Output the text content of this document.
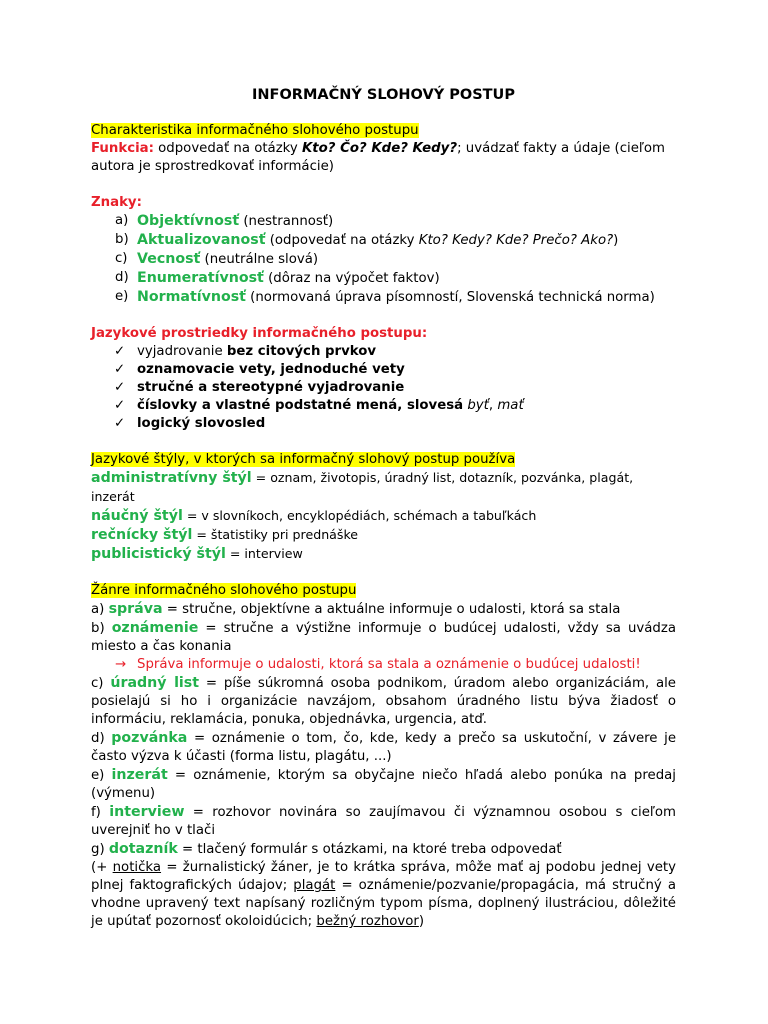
INFORMAČNÝ SLOHOVÝ POSTUP

Charakteristika informačného slohového postupu

Funkcia: odpovedať na otázky Kto? Čo? Kde? Kedy?; uvádzať fakty a údaje (cieľom autora je sprostredkovať informácie)

Znaky:

a) Objektívnosť (nestrannosť)
b) Aktualizovanosť (odpovedať na otázky Kto? Kedy? Kde? Prečo? Ako?)
c) Vecnosť (neutrálne slová)
d) Enumeratívnosť (dôraz na výpočet faktov)
e) Normatívnosť (normovaná úprava písomností, Slovenská technická norma)

Jazykové prostriedky informačného postupu:

✓ vyjadrovanie bez citových prvkov
✓ oznamovacie vety, jednoduché vety
✓ stručné a stereotypné vyjadrovanie
✓ číslovky a vlastné podstatné mená, slovesá byť, mať
✓ logický slovosled

Jazykové štýly, v ktorých sa informačný slohový postup používa

administratívny štýl = oznam, životopis, úradný list, dotazník, pozvánka, plagát, inzerát

náučný štýl = v slovníkoch, encyklopédiách, schémach a tabuľkách

rečnícky štýl = štatistiky pri prednáške

publicistický štýl = interview

Žánre informačného slohového postupu

a) správa = stručne, objektívne a aktuálne informuje o udalosti, ktorá sa stala

b) oznámenie = stručne a výstižne informuje o budúcej udalosti, vždy sa uvádza miesto a čas konania

→ Správa informuje o udalosti, ktorá sa stala a oznámenie o budúcej udalosti!

c) úradný list = píše súkromná osoba podnikom, úradom alebo organizáciám, ale posielajú si ho i organizácie navzájom, obsahom úradného listu býva žiadosť o informáciu, reklamácia, ponuka, objednávka, urgencia, atď.

d) pozvánka = oznámenie o tom, čo, kde, kedy a prečo sa uskutoční, v závere je často výzva k účasti (forma listu, plagátu, ...)

e) inzerát = oznámenie, ktorým sa obyčajne niečo hľadá alebo ponúka na predaj (výmenu)

f) interview = rozhovor novinára so zaujímavou či významnou osobou s cieľom uverejniť ho v tlači

g) dotazník = tlačený formulár s otázkami, na ktoré treba odpovedať

(+ notička = žurnalistický žáner, je to krátka správa, môže mať aj podobu jednej vety plnej faktografických údajov; plagát = oznámenie/pozvanie/propagácia, má stručný a vhodne upravený text napísaný rozličným typom písma, doplnený ilustráciou, dôležité je upútať pozornosť okoloidúcich; bežný rozhovor)
